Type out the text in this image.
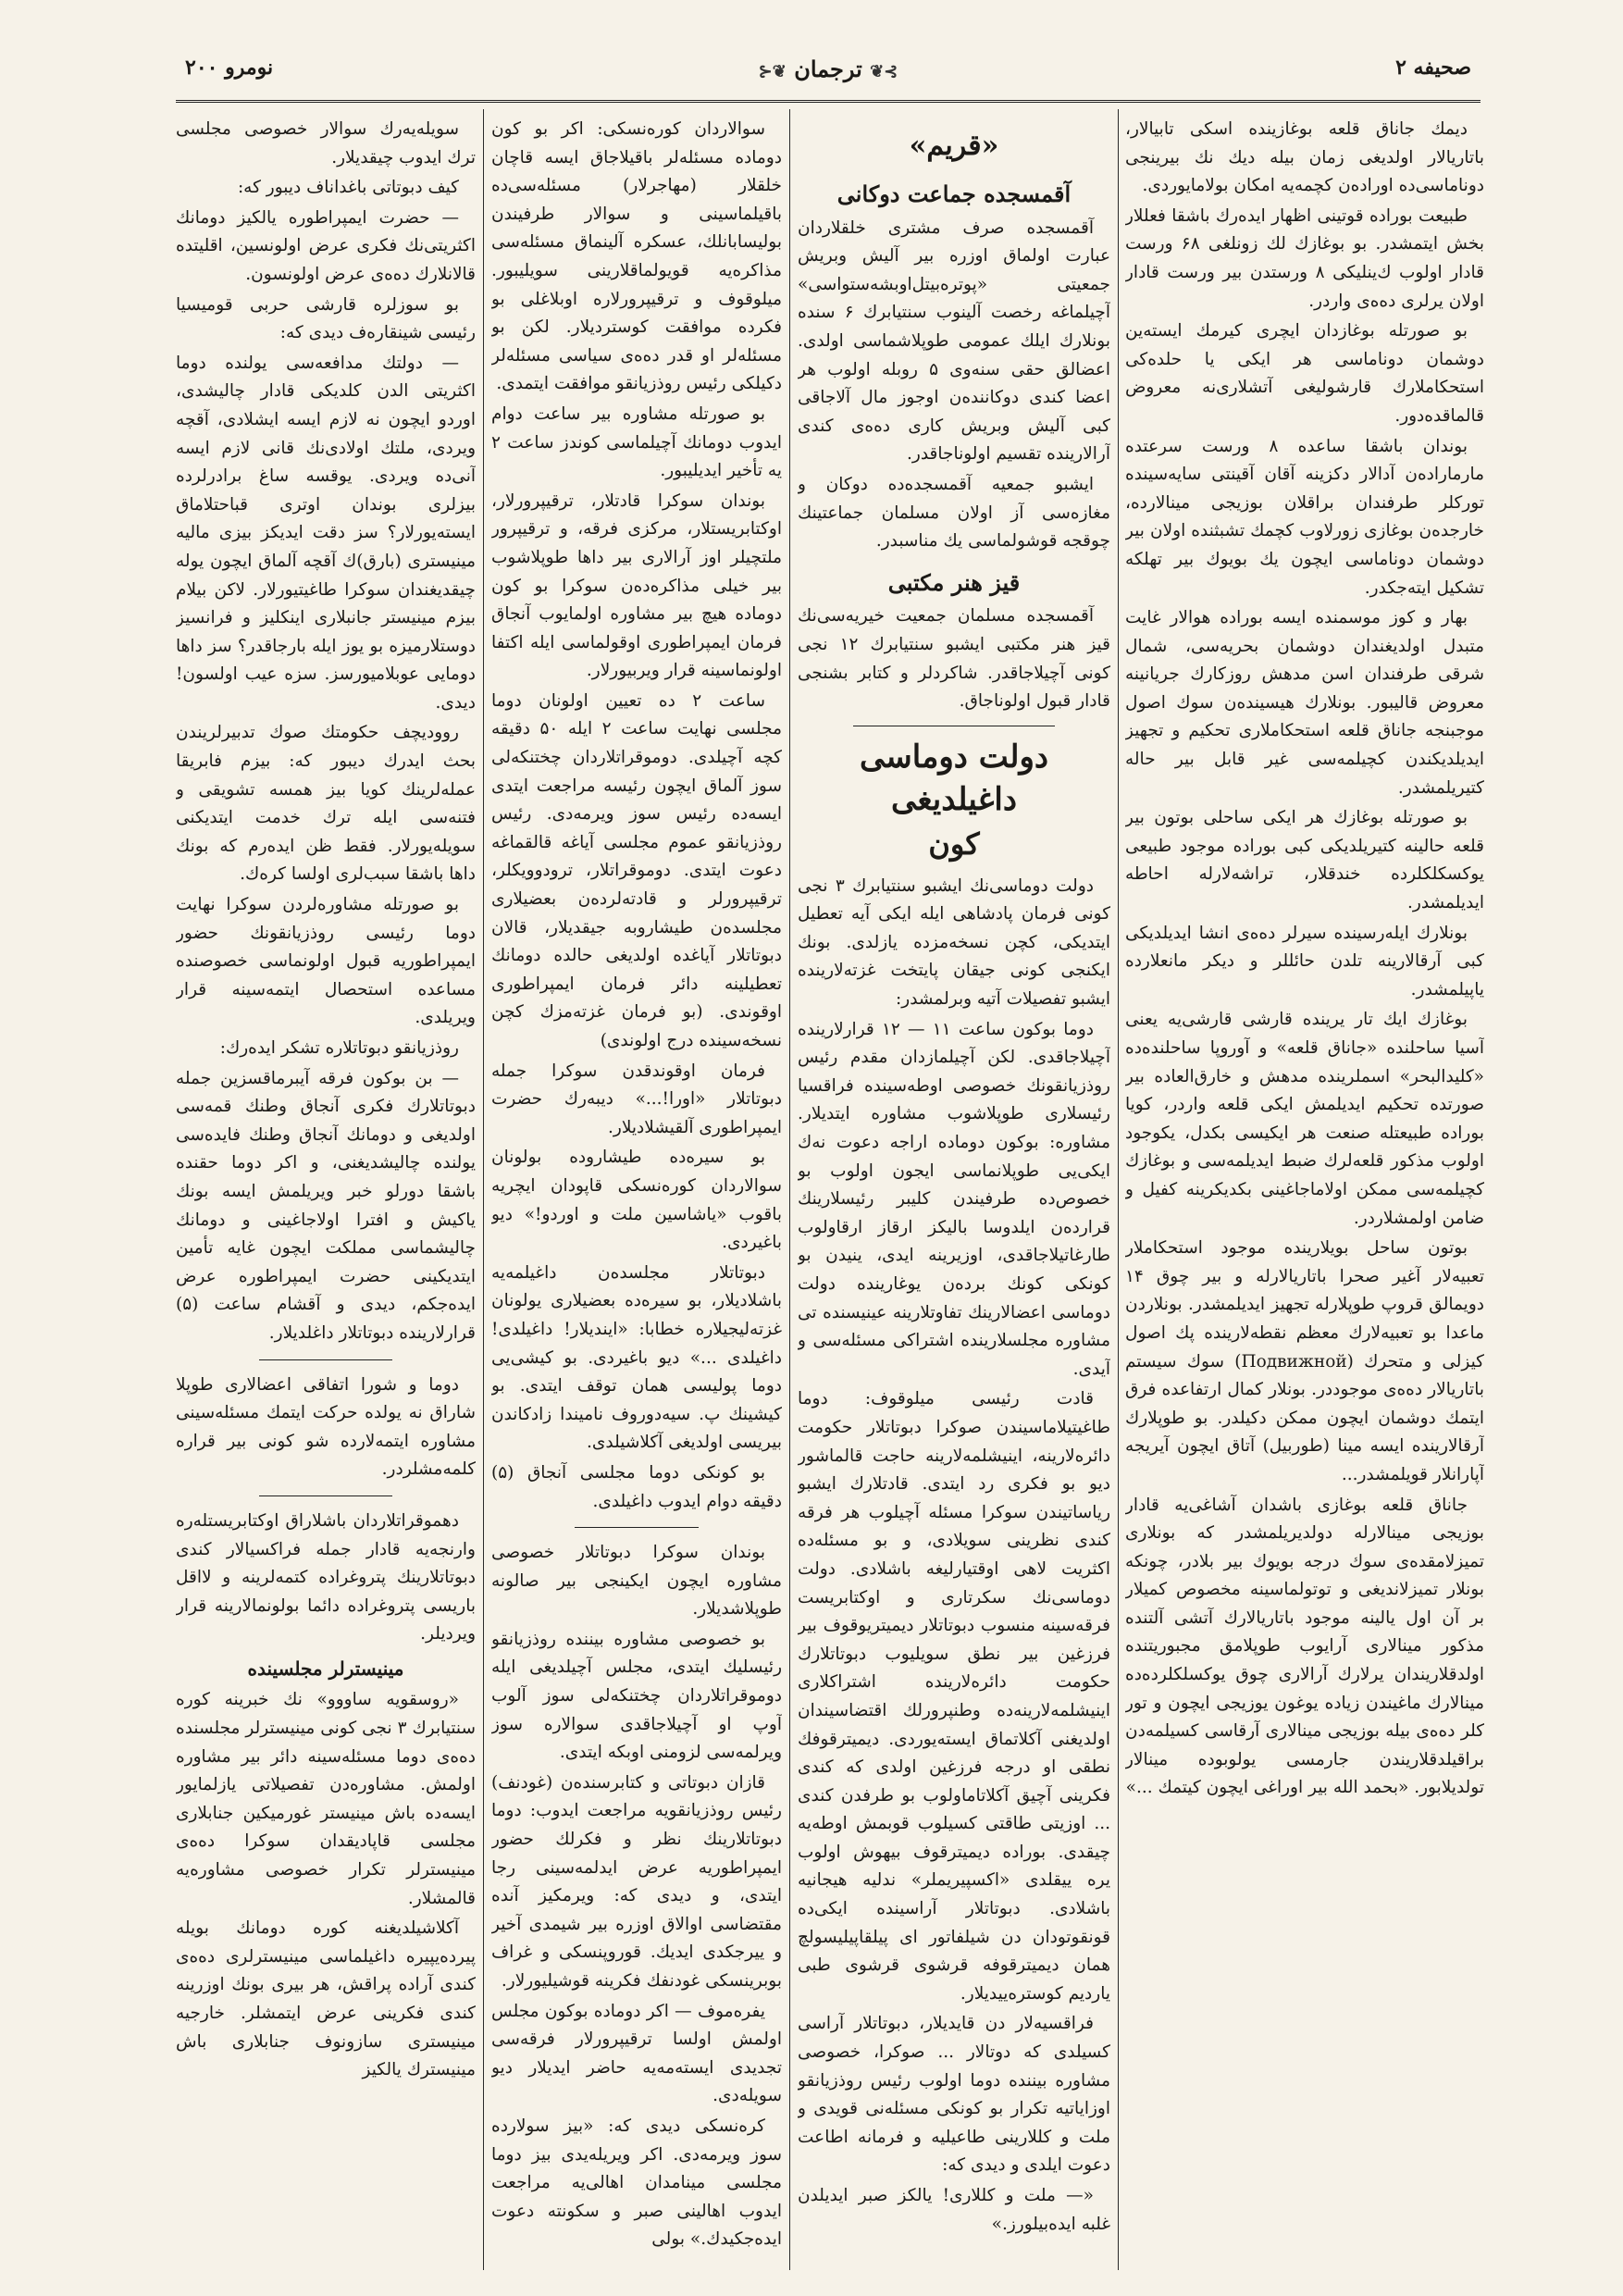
صحیفه ۲
⊱❦ ترجمان ❦⊰
نومرو ۲۰۰

دیمك جاناق قلعه بوغازینده اسكی تابیالار، باتاریالار اولدیغی زمان بیله دیك نك بیرینجی دوناماسی‌ده اوراده‌ن كچمه‌یه امكان بولامایوردی.

طبیعت بوراده قوتینی اظهار ایده‌رك باشقا فعللار بخش ایتمشدر. بو بوغازك لك زونلغی ۶۸ ورست قادار اولوب ك‌ینلیكی ۸ ورستدن بیر ورست قادار اولان یرلری ده‌ه‌ی واردر.

بو صورتله بوغازدان ایچری كیرمك ایسته‌ین دوشمان دوناماسی هر ایكی یا حلده‌كی استحكاملارك قارشولیغی آتشلاری‌نه معروض قالماقده‌دور.

بوندان باشقا ساعده ۸ ورست سرعتده مارماراده‌ن آدالار دكزینه آقان آقینتی سایه‌سینده توركلر طرفندان براقلان بوزیجی مینالارده، خارجده‌ن بوغازی زورلاوب كچمك تشبثنده اولان بیر دوشمان دوناماسی ایچون یك بویوك بیر تهلكه تشكیل ایته‌جكدر.

بهار و كوز موسمنده ایسه بوراده هوالار غایت متبدل اولدیغندان دوشمان بحریه‌سی، شمال شرقی طرفندان اسن مدهش روزكارك جریانینه معروض قالیبور. بونلارك هیسینده‌ن سوك اصول موجبنجه جاناق قلعه استحكاملاری تحكیم و تجهیز ایدیلدیكندن كچیلمه‌سی غیر قابل بیر حاله كتیریلمشدر.

بو صورتله بوغازك هر ایكی ساحلی بوتون بیر قلعه حالینه كتیریلدیكی كبی بوراده موجود طبیعی یوكسكلكلرده خندقلار، تراشه‌لارله احاطه ایدیلمشدر.

بونلارك ایله‌رسینده سیرلر ده‌ه‌ی انشا ایدیلدیكی كبی آرقالارینه تلدن حائللر و دیكر مانعلارده یاپیلمشدر.

بوغازك ایك تار یرینده قارشی قارشی‌یه یعنی آسیا ساحلنده «جاناق قلعه» و آوروپا ساحلنده‌ده «كلیدالبحر» اسملرینده مدهش و خارق‌العاده بیر صورتده تحكیم ایدیلمش ایكی قلعه واردر، كویا بوراده طبیعتله صنعت هر ایكیسی بكدل، یكوجود اولوب مذكور قلعه‌لرك ضبط ایدیلمه‌سی و بوغازك كچیلمه‌سی ممكن اولاماجاغینی بكدیكرینه كفیل و ضامن اولمشلاردر.

بوتون ساحل بویلارینده موجود استحكاملار تعبیه‌لار آغیر صحرا باتاریالارله و بیر چوق ۱۴ دویمالق قروپ طوپلارله تجهیز ایدیلمشدر. بونلاردن ماعدا بو تعبیه‌لارك معظم نقطه‌لارینده پك اصول كیزلی و متحرك (Подвижной) سوك سیستم باتاریالار ده‌ه‌ی موجوددر. بونلار كمال ارتفاعده فرق ایتمك دوشمان ایچون ممكن دكیلدر. بو طوپلارك آرقالارینده ایسه مینا (طوربیل) آتاق ایچون آیریجه آپارانلار قویلمشدر...

جاناق قلعه بوغازی باشدان آشاغی‌یه قادار بوزیجی مینالارله دولدیریلمشدر كه بونلاری تمیزلامقده‌ی سوك درجه بویوك بیر بلادر، چونكه بونلار تمیزلاندیغی و توتولماسینه مخصوص كمیلار بر آن اول یالینه موجود باتاریالارك آتشی آلتنده مذكور مینالاری آرایوب طوپلامق مجبوریتنده اولدقلاریندان یرلارك آرالاری چوق یوكسلكلرده‌ده مینالارك ماغیندن زیاده یوغون یوزیجی ایچون و تور كلر ده‌ه‌ی بیله بوزیجی مینالاری آرقاسی كسیلمه‌دن براقیلدقلاریندن جارمسی یولوبوده مینالار تولدیلابور. «بحمد الله بیر اوراغی ایچون كیتمك ...»

«قریم»
آقمسجده جماعت دوكانی

آقمسجده صرف مشتری خلقلاردان عبارت اولماق اوزره بیر آلیش وبریش جمعیتی «پوتره‌بیتل‌اوبشه‌ستواسی» آچیلماغه رخصت آلینوب سنتیابرك ۶ سنده بونلارك ایلك عمومی طوپلاشماسی اولدی. اعضالق حقی سنه‌وی ۵ روبله اولوب هر اعضا كندی دوكاننده‌ن اوجوز مال آلاجاقی كبی آلیش وبریش كاری ده‌ه‌ی كندی آرالارینده تقسیم اولوناجاقدر.

ایشبو جمعیه آقمسجده‌ده دوكان و مغازه‌سی آز اولان مسلمان جماعتینك چوقجه قوشولماسی یك مناسبدر.

قیز هنر مكتبی

آقمسجده مسلمان جمعیت خیریه‌سی‌نك قیز هنر مكتبی ایشبو سنتیابرك ۱۲ نجی كونی آچیلاجاقدر. شاكردلر و كتابر بشنجی قادار قبول اولوناجاق.

دولت دوماسی داغیلدیغی
كون

دولت دوماسی‌نك ایشبو سنتیابرك ۳ نجی كونی فرمان پادشاهی ایله ایكی آیه تعطیل ایتدیكی، كچن نسخه‌مزده یازلدی. بونك ایكنجی كونی جیقان پایتخت غزته‌لارینده ایشبو تفصیلات آتیه وبرلمشدر:

دوما بوكون ساعت ۱۱ — ۱۲ قرارلارینده آچیلاجاقدی. لكن آچیلمازدان مقدم رئیس روذزیانقونك خصوصی اوطه‌سینده فراقسیا رئیسلاری طوپلاشوب مشاوره ایتدیلار. مشاوره: بوكون دوماده اراجه دعوت نه‌ك ایكی‌یی طوپلانماسی ایجون اولوب بو خصوص‌ده طرفیندن كلیبر رئیسلارینك قرارده‌ن ایلدوسا بالیكز ارقاز ارقاولوب طارغاتیلاجاقدی، اوزیرینه ایدی، ینیدن بو كونكی كونك برده‌ن یوغارینده دولت دوماسی اعضالارینك تفاوتلارینه عینیسنده تی مشاوره مجلسلارینده اشتراكی مسئله‌سی و آیدی.

قادت رئیسی میلوقوف: دوما طاغیتیلاماسیندن صوكرا دبوتاتلار حكومت دائره‌لارینه، اینیشلمه‌لارینه حاجت قالماشور دیو بو فكری رد ایتدی. قادتلارك ایشبو ریاساتیندن سوكرا مسئله آچیلوب هر فرقه كندی نظرینی سویلادی، و بو مسئله‌ده اكثریت لاهی اوقتیارلیغه باشلادی. دولت دوماسی‌نك سكرتاری و اوكتابریست فرقه‌سینه منسوب دبوتاتلار دیمیتریوقوف بیر فرزغین بیر نطق سویلیوب دبوتاتلارك حكومت دائره‌لارینده اشتراكلاری اینیشلمه‌لارینه‌ده وطنپرورلك اقتضاسیندان اولدیغنی آكلاتماق ایسته‌یوردی. دیمیترقوفك نطقی او درجه فرزغین اولدی كه كندی فكرینی آچیق آكلاتاماولوب بو طرفدن كندی ... اوزیتی طاقتی كسیلوب قوبمش اوطه‌یه چیقدی. بوراده دیمیترقوف بیهوش اولوب یره ییقلدی «اكسپیریملر» ندلیه هیجانیه باشلادی. دبوتاتلار آراسینده ایكی‌ده قونقوتودان دن شیلفاتور ای پیلقاپیلیسولچ همان دیمیترقوفه قرشوی قرشوی طبی یاردیم كوستره‌ییدیلار.

فراقسیه‌لار دن قایدیلار، دبوتاتلار آراسی كسیلدی كه دوتالار ... صوكرا، خصوصی مشاوره بیننده دوما اولوب رئیس روذزیانقو اوزایاتیه تكرار بو كونكی مسئله‌نی قویدی و ملت و كللارینی طاعیلیه و فرمانه اطاعت دعوت ایلدی و دیدی كه:

«— ملت و كللاری! یالكز صبر ایدیلدن غلبه ایده‌بیلورز.»

سوالاردان كوره‌نسكی: اكر بو كون دوماده مسئله‌لر باقیلاجاق ایسه قاچان خلقلار (مهاجرلار) مسئله‌سی‌ده باقیلماسینی و سوالار طرفیندن بولیسابانلك، عسكره آلینماق مسئله‌سی مذاكره‌یه قویولماقلارینی سویلیبور. میلوقوف و ترقیپرورلاره اوبلاغلی بو فكرده موافقت كوستردیلار. لكن بو مسئله‌لر او قدر ده‌ه‌ی سیاسی مسئله‌لر دكیلكی رئیس روذزیانقو موافقت ایتمدی.

بو صورتله مشاوره بیر ساعت دوام ایدوب دومانك آچیلماسی كوندز ساعت ۲ یه تأخیر ایدیلیبور.

بوندان سوكرا قادتلار، ترقیپرورلار، اوكتابریستلار، مركزی فرقه، و ترقیپرور ملتچیلر اوز آرالاری بیر داها طوپلاشوب بیر خیلی مذاكره‌ده‌ن سوكرا بو كون دوماده هیچ بیر مشاوره اولمایوب آنجاق فرمان ایمپراطوری اوقولماسی ایله اكتفا اولونماسینه قرار ویربیورلار.

ساعت ۲ ده تعیین اولونان دوما مجلسی نهایت ساعت ۲ ایله ۵۰ دقیقه كچه آچیلدی. دوموقراتلاردان چختنكه‌لی سوز آلماق ایچون رئیسه مراجعت ایتدی ایسه‌ده رئیس سوز ویرمه‌دی. رئیس روذزیانقو عموم مجلسی آیاغه قالقماغه دعوت ایتدی. دوموقراتلار، ترودوویكلر، ترقیپرورلر و قادته‌لرده‌ن بعضیلاری مجلسده‌ن طیشاروبه جیقدیلار، قالان دبوتاتلار آیاغده اولدیغی حالده دومانك تعطیلینه دائر فرمان ایمپراطوری اوقوندی. (بو فرمان غزته‌مزك كچن نسخه‌سینده درج اولوندی)

فرمان اوقوندقدن سوكرا جمله دبوتاتلار «اورا!...» دیبه‌رك حضرت ایمپراطوری آلقیشلادیلار.

بو سیره‌ده طیشاروده بولونان سوالاردان كوره‌نسكی قاپودان ایچریه باقوب «یاشاسین ملت و اوردو!» دیو باغیردی.

دبوتاتلار مجلسده‌ن داغیلمه‌یه باشلادیلار، بو سیره‌ده بعضیلاری یولونان غزته‌لیجیلاره خطابا: «ایندیلار! داغیلدی! داغیلدی ...» دیو باغیردی. بو كیشی‌یی دوما پولیسی همان توقف ایتدی. بو كیشینك پ. سیه‌دوروف ناميندا زادكاندن بیریسی اولدیغی آكلاشیلدی.

بو كونكی دوما مجلسی آنجاق (۵) دقیقه دوام ایدوب داغیلدی.

بوندان سوكرا دبوتاتلار خصوصی مشاوره ایچون ایكینجی بیر صالونه طوپلاشدیلار.

بو خصوصی مشاوره بیننده روذزیانقو رئیسلیك ایتدی، مجلس آچیلدیغی ایله دوموقراتلاردان چختنكه‌لی سوز آلوب آوپ او آچیلاجاقدی سوالاره سوز ویرلمه‌سی لزومنی اوبكه ایتدی.

قازان دبوتاتی و كتابرسنده‌ن (غودنف) رئیس روذزیانقویه مراجعت ایدوب: دوما دبوتاتلارینك نظر و فكرلك حضور ایمپراطوریه عرض ایدلمه‌سینی رجا ایتدی، و دیدی كه: ویرمكیز آنده مقتضاسی اوالاق اوزره بیر شیمدی آخیر و ییرجكدی ایدیك. قوروپنسكی و غراف بوبرینسكی غودنفك فكرینه قوشیلیورلار.

یفره‌موف — اكر دوماده بوكون مجلس اولمش اولسا ترقیپرورلار فرقه‌سی تجدیدی ایسته‌مه‌یه حاضر ایدیلار دیو سویله‌دی.

كره‌نسكی دیدی كه: «بیز سولارده سوز ویرمه‌دی. اكر ویریله‌یدی بیز دوما مجلسی مینامدان اهالی‌یه مراجعت ایدوب اهالینی صبر و سكونته دعوت ایده‌جكیدك.» بولی

سویله‌یه‌رك سوالار خصوصی مجلسی ترك ایدوب چیقدیلار.

كیف دبوتاتی باغداناف دیبور كه:

— حضرت ایمپراطوره یالكیز دومانك اكثریتی‌نك فكری عرض اولونسین، اقلیتده قالانلارك ده‌ه‌ی عرض اولونسون.

بو سوزلره قارشی حربی قومیسیا رئیسی شینقاره‌ف دیدی كه:

— دولتك مدافعه‌سی یولنده دوما اكثریتی الدن كلدیكی قادار چالیشدی، اوردو ایچون نه لازم ایسه ایشلادی، آقچه ویردی، ملتك اولادی‌نك قانی لازم ایسه آنی‌ده ویردی. یوقسه ساغ برادرلرده بیزلری بوندان اوتری قباحتلاماق ایسته‌یورلار؟ سز دقت ایدیكز بیزی مالیه مینیستری (بارق)ك آقچه آلماق ایچون یوله چیقدیغندان سوكرا طاغیتیورلار. لاكن بیلام بیزم مینیستر جانبلاری اینكلیز و فرانسیز دوستلارمیزه بو یوز ایله بارجاقدر؟ سز داها دومایی عوبلامیورسز. سزه عیب اولسون! دیدی.

روودیچف حكومتك صوك تدبیرلریندن بحث ایدرك دیبور كه: بیزم فابریقا عمله‌لرینك كویا بیز همسه تشویقی و فتنه‌سی ایله ترك خدمت ایتدیكنی سویله‌یورلار. فقط ظن ایده‌رم كه بونك داها باشقا سبب‌لری اولسا كره‌ك.

بو صورتله مشاوره‌لردن سوكرا نهایت دوما رئیسی روذزیانقونك حضور ایمپراطوریه قبول اولونماسی خصوصنده مساعده استحصال ایتمه‌سینه قرار ویریلدی.

روذزیانقو دبوتاتلاره تشكر ایده‌رك:

— بن بوكون فرقه آیبرماقسزین جمله دبوتاتلارك فكری آنجاق وطنك قمه‌سی اولدیغی و دومانك آنجاق وطنك فایده‌سی یولنده چالیشدیغنی، و اكر دوما حقنده باشقا دورلو خبر ویریلمش ایسه بونك ياكیش و افترا اولاجاغینی و دومانك چالیشماسی مملكت ایچون غایه تأمین ایتدیكینی حضرت ایمپراطوره عرض ایده‌جكم، دیدی و آقشام ساعت (۵) قرارلارینده دبوتاتلار داغلدیلار.

دوما و شورا اتفاقی اعضالاری طوپلا شاراق نه یولده حركت ایتمك مسئله‌سینی مشاوره ایتمه‌لارده شو كونی بیر قراره كلمه‌مشلردر.

دهموقراتلاردان باشلاراق اوكتابریستله‌ره وارنجه‌یه قادار جمله فراكسیالار كندی دبوتاتلارینك پتروغراده كتمه‌لرینه و لااقل باریسی پتروغراده دائما بولونمالارینه قرار ویردیلر.

مینیسترلر مجلسینده

«روسقویه ساووو» نك خبرینه كوره سنتیابرك ۳ نجی كونی مینیسترلر مجلسنده ده‌ه‌ی دوما مسئله‌سینه دائر بیر مشاوره اولمش. مشاوره‌دن تفصیلاتی یازلمایور ایسه‌ده باش مینیستر غورمیكین جنابلاری مجلسی قاپادیقدان سوكرا ده‌ه‌ی مینیسترلر تكرار خصوصی مشاوره‌یه قالمشلار.

آكلاشیلدیغنه كوره دومانك بویله پیرده‌یپیره داغیلماسی مینیسترلری ده‌ه‌ی كندی آراده پراقش، هر بیری بونك اوزرینه كندی فكرینی عرض ایتمشلر. خارجیه مینیستری سازونوف جنابلاری باش مینیسترك یالكیز
